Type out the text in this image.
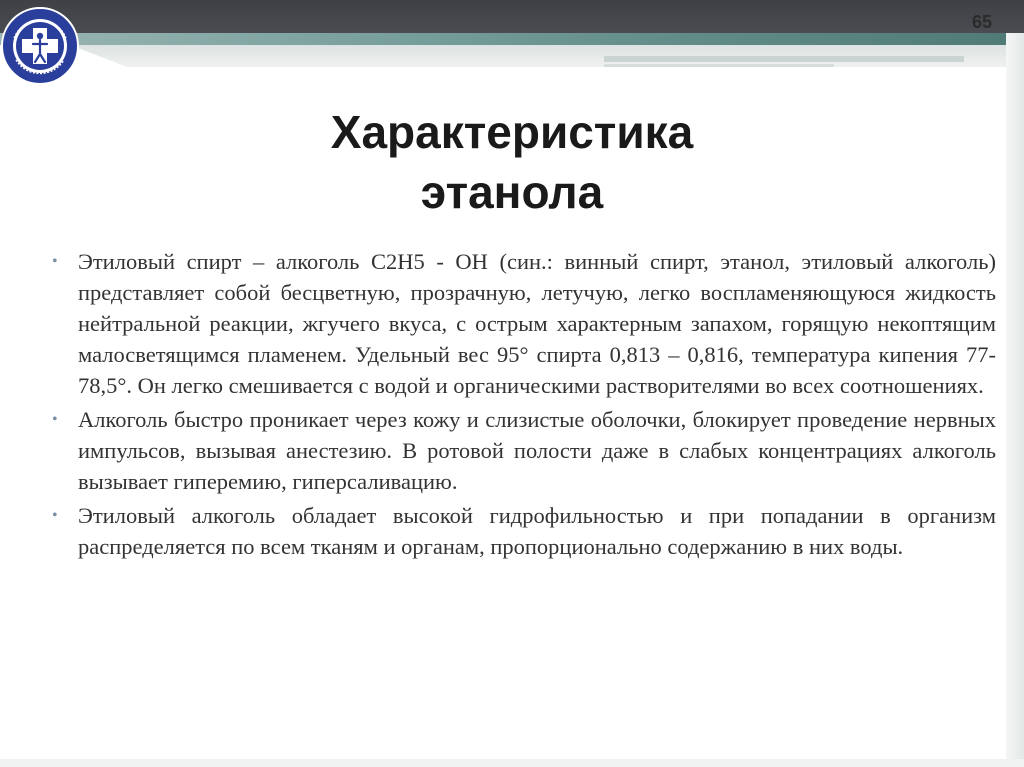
65
Характеристика
этанола
• Этиловый спирт – алкоголь С2Н5 - ОН (син.: винный спирт, этанол, этиловый алкоголь) представляет собой бесцветную, прозрачную, летучую, легко воспламеняющуюся жидкость нейтральной реакции, жгучего вкуса, с острым характерным запахом, горящую некоптящим малосветящимся пламенем. Удельный вес 95° спирта 0,813 – 0,816, температура кипения 77- 78,5°. Он легко смешивается с водой и органическими растворителями во всех соотношениях.
• Алкоголь быстро проникает через кожу и слизистые оболочки, блокирует проведение нервных импульсов, вызывая анестезию. В ротовой полости даже в слабых концентрациях алкоголь вызывает гиперемию, гиперсаливацию.
• Этиловый алкоголь обладает высокой гидрофильностью и при попадании в организм распределяется по всем тканям и органам, пропорционально содержанию в них воды.
